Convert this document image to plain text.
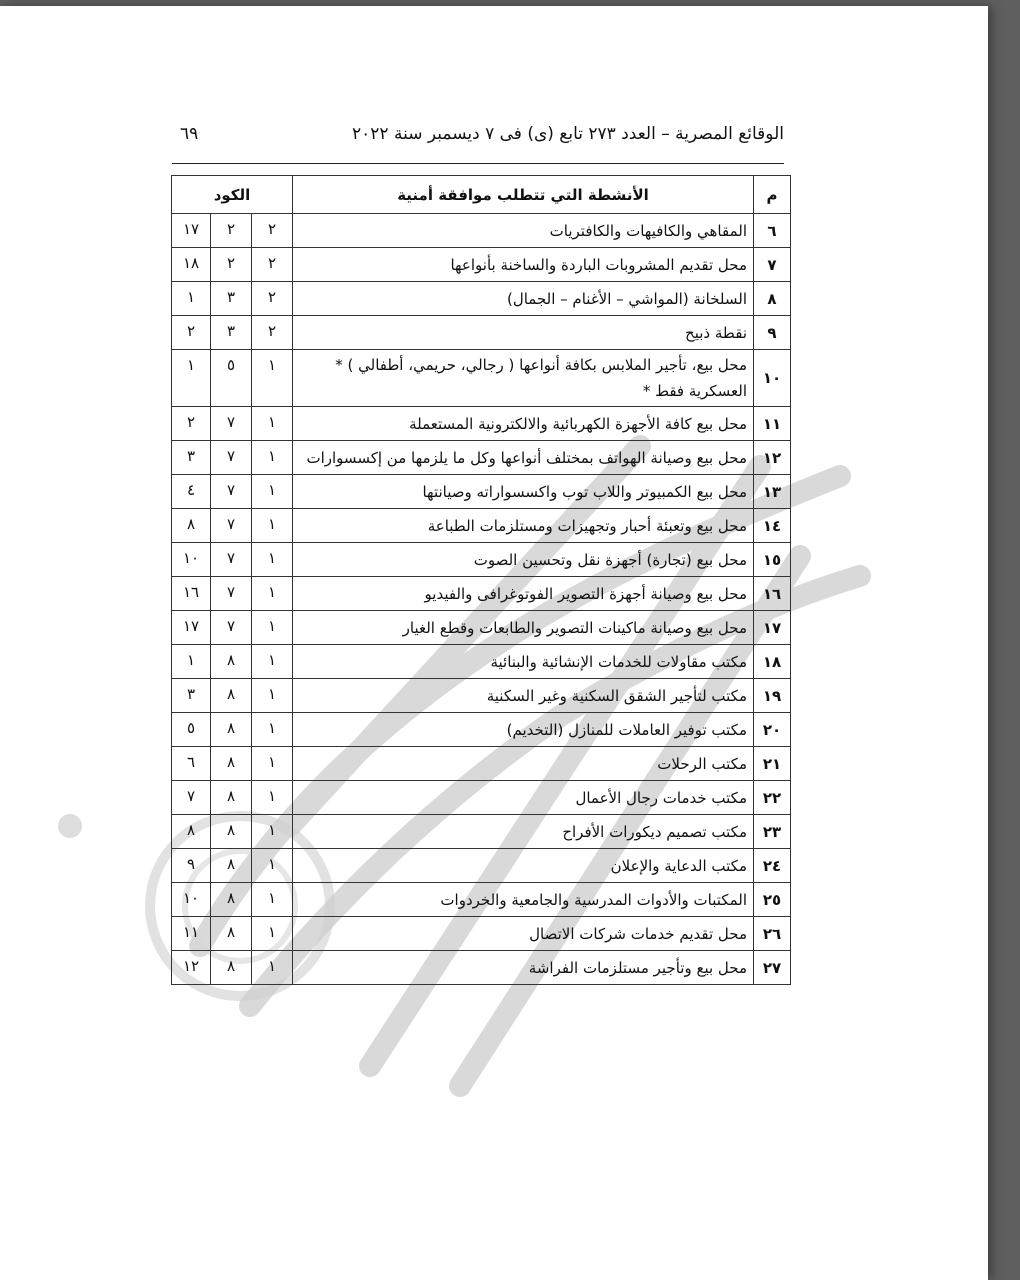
الوقائع المصرية – العدد ٢٧٣ تابع (ى) فى ٧ ديسمبر سنة ٢٠٢٢
٦٩
م	الأنشطة التي تتطلب موافقة أمنية	الكود		
٦	المقاهي والكافيهات والكافتريات	٢	٢	١٧
٧	محل تقديم المشروبات الباردة والساخنة بأنواعها	٢	٢	١٨
٨	السلخانة (المواشي – الأغنام – الجمال)	٢	٣	١
٩	نقطة ذبيح	٢	٣	٢
١٠	محل بيع، تأجير الملابس بكافة أنواعها ( رجالي، حريمي، أطفالي ) * العسكرية فقط *	١	٥	١
١١	محل بيع كافة الأجهزة الكهربائية والالكترونية المستعملة	١	٧	٢
١٢	محل بيع وصيانة الهواتف بمختلف أنواعها وكل ما يلزمها من إكسسوارات	١	٧	٣
١٣	محل بيع الكمبيوتر واللاب توب واكسسواراته وصيانتها	١	٧	٤
١٤	محل بيع وتعبئة أحبار وتجهيزات ومستلزمات الطباعة	١	٧	٨
١٥	محل بيع (تجارة) أجهزة نقل وتحسين الصوت	١	٧	١٠
١٦	محل بيع وصيانة أجهزة التصوير الفوتوغرافى والفيديو	١	٧	١٦
١٧	محل بيع وصيانة ماكينات التصوير والطابعات وقطع الغيار	١	٧	١٧
١٨	مكتب مقاولات للخدمات الإنشائية والبنائية	١	٨	١
١٩	مكتب لتأجير الشقق السكنية وغير السكنية	١	٨	٣
٢٠	مكتب توفير العاملات للمنازل (التخديم)	١	٨	٥
٢١	مكتب الرحلات	١	٨	٦
٢٢	مكتب خدمات رجال الأعمال	١	٨	٧
٢٣	مكتب تصميم ديكورات الأفراح	١	٨	٨
٢٤	مكتب الدعاية والإعلان	١	٨	٩
٢٥	المكتبات والأدوات المدرسية والجامعية والخردوات	١	٨	١٠
٢٦	محل تقديم خدمات شركات الاتصال	١	٨	١١
٢٧	محل بيع وتأجير مستلزمات الفراشة	١	٨	١٢
